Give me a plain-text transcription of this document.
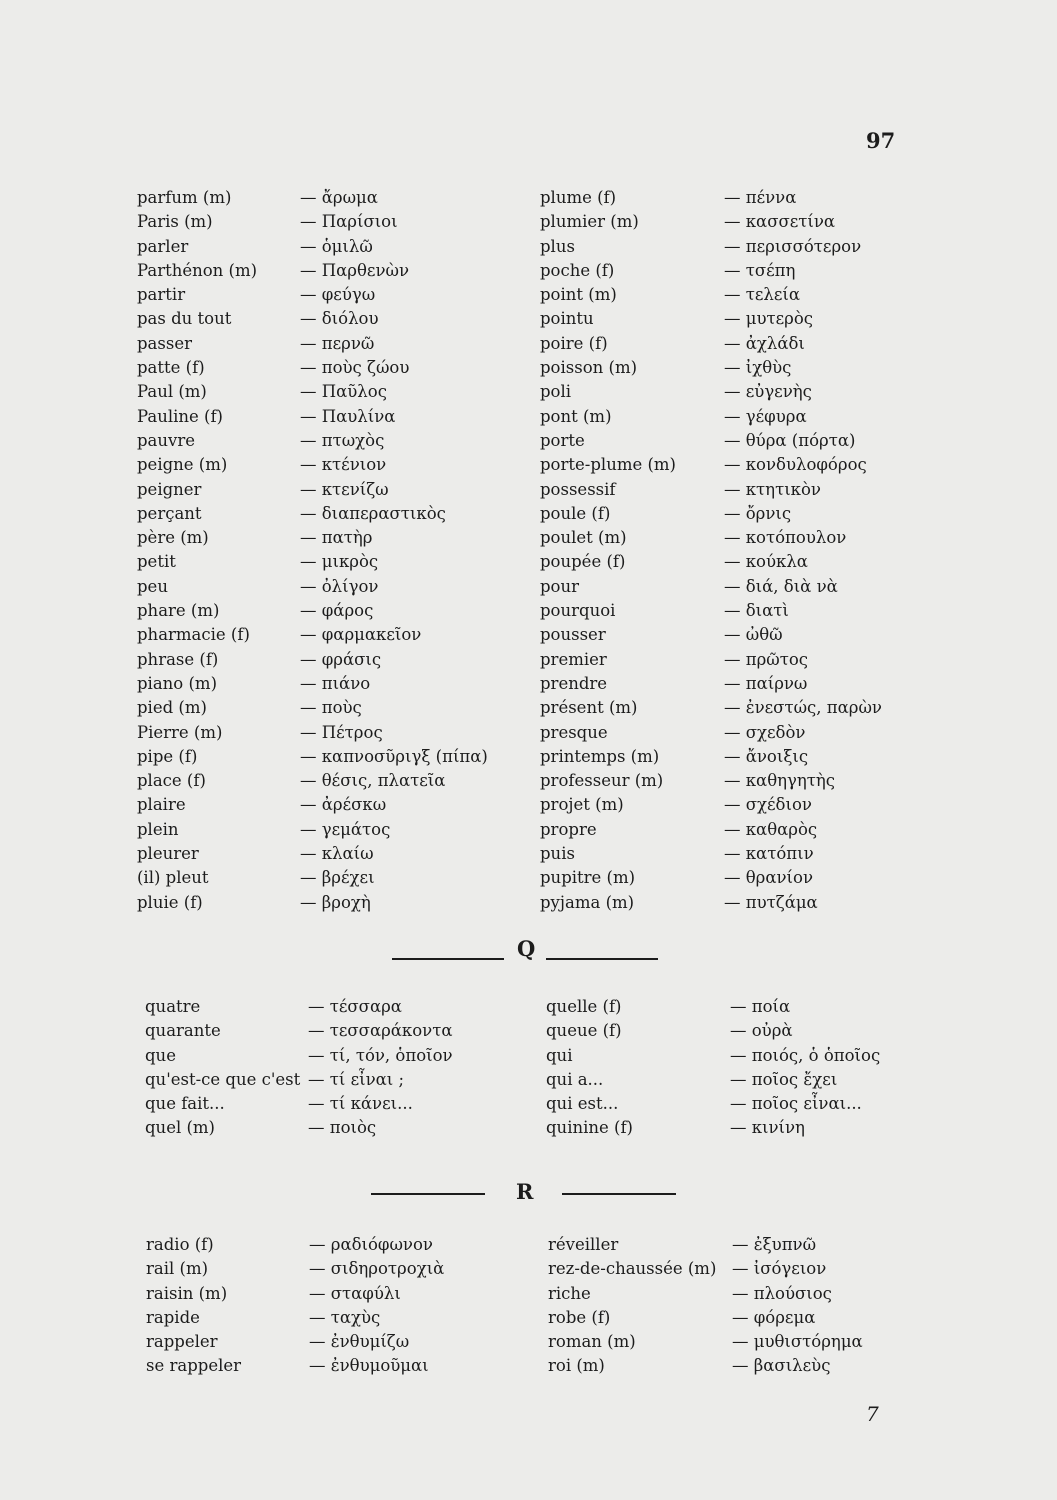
97
parfum (m)	— ἄρωμα
Paris (m)	— Παρίσιοι
parler	— ὁμιλῶ
Parthénon (m)	— Παρθενὼν
partir	— φεύγω
pas du tout	— διόλου
passer	— περνῶ
patte (f)	— ποὺς ζώου
Paul (m)	— Παῦλος
Pauline (f)	— Παυλίνα
pauvre	— πτωχὸς
peigne (m)	— κτένιον
peigner	— κτενίζω
perçant	— διαπεραστικὸς
père (m)	— πατὴρ
petit	— μικρὸς
peu	— ὀλίγον
phare (m)	— φάρος
pharmacie (f)	— φαρμακεῖον
phrase (f)	— φράσις
piano (m)	— πιάνο
pied (m)	— ποὺς
Pierre (m)	— Πέτρος
pipe (f)	— καπνοσῦριγξ (πίπα)
place (f)	— θέσις, πλατεῖα
plaire	— ἀρέσκω
plein	— γεμάτος
pleurer	— κλαίω
(il) pleut	— βρέχει
pluie (f)	— βροχὴ
plume (f)	— πέννα
plumier (m)	— κασσετίνα
plus	— περισσότερον
poche (f)	— τσέπη
point (m)	— τελεία
pointu	— μυτερὸς
poire (f)	— ἀχλάδι
poisson (m)	— ἰχθὺς
poli	— εὐγενὴς
pont (m)	— γέφυρα
porte	— θύρα (πόρτα)
porte-plume (m)	— κονδυλοφόρος
possessif	— κτητικὸν
poule (f)	— ὄρνις
poulet (m)	— κοτόπουλον
poupée (f)	— κούκλα
pour	— διά, διὰ νὰ
pourquoi	— διατὶ
pousser	— ὠθῶ
premier	— πρῶτος
prendre	— παίρνω
présent (m)	— ἐνεστώς, παρὼν
presque	— σχεδὸν
printemps (m)	— ἄνοιξις
professeur (m)	— καθηγητὴς
projet (m)	— σχέδιον
propre	— καθαρὸς
puis	— κατόπιν
pupitre (m)	— θρανίον
pyjama (m)	— πυτζάμα
Q
quatre	— τέσσαρα
quarante	— τεσσαράκοντα
que	— τί, τόν, ὁποῖον
qu'est-ce que c'est — τί εἶναι ;
que fait...	— τί κάνει...
quel (m)	— ποιὸς
quelle (f)	— ποία
queue (f)	— οὐρὰ
qui	— ποιός, ὁ ὁποῖος
qui a...	— ποῖος ἔχει
qui est...	— ποῖος εἶναι...
quinine (f)	— κινίνη
R
radio (f)	— ραδιόφωνον
rail (m)	— σιδηροτροχιὰ
raisin (m)	— σταφύλι
rapide	— ταχὺς
rappeler	— ἐνθυμίζω
se rappeler	— ἐνθυμοῦμαι
réveiller	— ἐξυπνῶ
rez-de-chaussée (m) — ἰσόγειον
riche	— πλούσιος
robe (f)	— φόρεμα
roman (m)	— μυθιστόρημα
roi (m)	— βασιλεὺς
7
